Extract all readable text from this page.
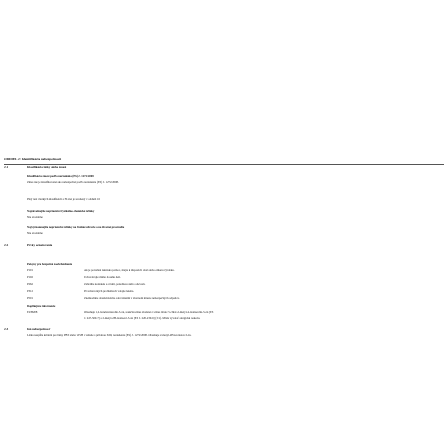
ODDIEL 2: Identifikácia nebezpečnosti
2.1	Klasifikácia látky alebo zmesi
Klasifikácia zmesi podľa nariadenia (ES) č. 1272/2008
Zmes nie je klasifikovaná ako nebezpečná podľa nariadenia (ES) č. 1272/2008.
Plný text všetkých klasifikácií a H-viet je uvedený v oddieli 16
Najzávažnejšie nepriaznivé fyzikálno-chemické účinky
Nie sú známe
Najvýznamnejšie nepriaznivé účinky na ľudské zdravie a na životné prostredie
Nie sú známe
2.2	Prvky označovania
Pokyny pre bezpečné zaobchádzanie
P101	Ak je potrebná lekárska pomoc, majte k dispozícii obal alebo etiketu výrobku.
P102	Uchovávajte mimo dosahu detí.
P262	Zabráňte kontaktu s očami, pokožkou alebo odevom.
P312	Pri zdravotných problémoch volajte lekára.
P501	Zneškodnite obsah/nádobu odovzdaním v zbernom mieste nebezpečných odpadov.
Doplňujúce informácie
EUH208	Obsahuje 1,2-benzizotiazolin-3-ón, reakčná zmes zložená z: zmes látok: 5-chlór-2-metyl-4-izotiazolín-3-ón [ES
č. 247-500-7] a 2-metyl-2H-izotiazol-3-ón [ES č. 220-239-6] (3:1). Môže vyvolať alergickú reakciu.
2.3	Iná nebezpečnosť
Látka nespĺňa kritériá pre látky PBT alebo vPvB v súlade s prílohou XIII, nariadenia (ES) č. 1272/2008. Obsahuje 2-metyl-2H-izotiazol-3-ón.
